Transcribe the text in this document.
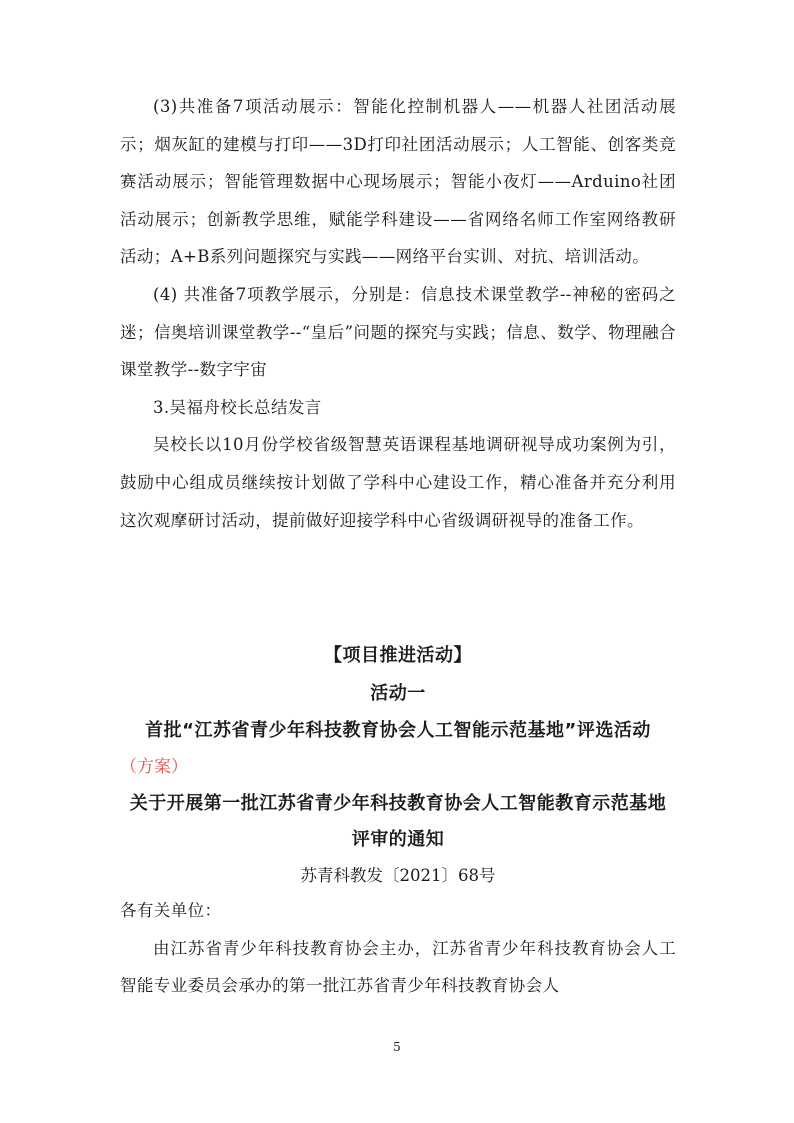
(3)共准备7项活动展示：智能化控制机器人——机器人社团活动展示；烟灰缸的建模与打印——3D打印社团活动展示；人工智能、创客类竞赛活动展示；智能管理数据中心现场展示；智能小夜灯——Arduino社团活动展示；创新教学思维，赋能学科建设——省网络名师工作室网络教研活动；A+B系列问题探究与实践——网络平台实训、对抗、培训活动。

(4) 共准备7项教学展示，分别是：信息技术课堂教学--神秘的密码之迷；信奥培训课堂教学--“皇后”问题的探究与实践；信息、数学、物理融合课堂教学--数字宇宙

3.吴福舟校长总结发言

吴校长以10月份学校省级智慧英语课程基地调研视导成功案例为引，鼓励中心组成员继续按计划做了学科中心建设工作，精心准备并充分利用这次观摩研讨活动，提前做好迎接学科中心省级调研视导的准备工作。

【项目推进活动】
活动一
首批“江苏省青少年科技教育协会人工智能示范基地”评选活动
（方案）
关于开展第一批江苏省青少年科技教育协会人工智能教育示范基地
评审的通知
苏青科教发〔2021〕68号

各有关单位：

由江苏省青少年科技教育协会主办，江苏省青少年科技教育协会人工智能专业委员会承办的第一批江苏省青少年科技教育协会人

5
